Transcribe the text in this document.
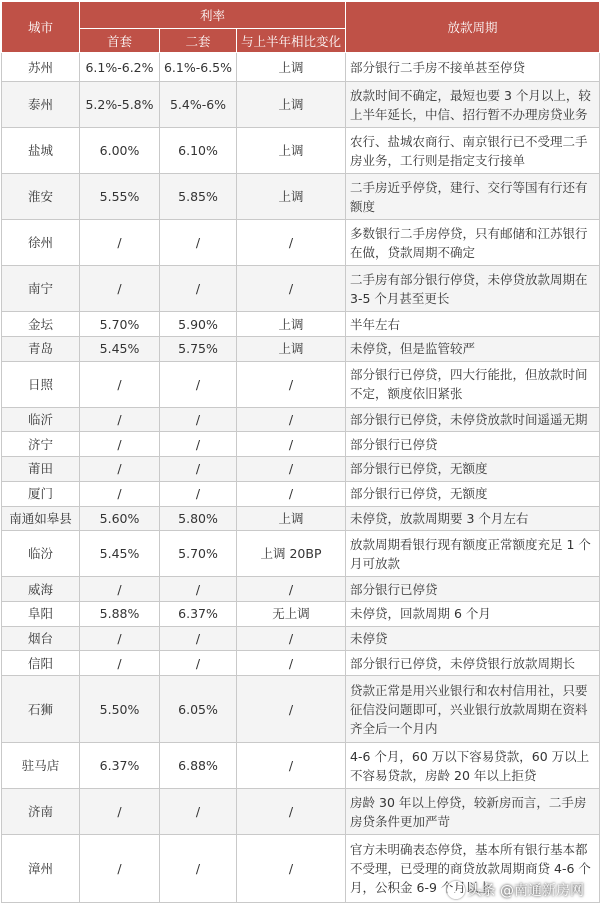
城市	利率			放款周期
	首套	二套	与上半年相比变化	
苏州	6.1%-6.2%	6.1%-6.5%	上调	部分银行二手房不接单甚至停贷
泰州	5.2%-5.8%	5.4%-6%	上调	放款时间不确定，最短也要 3 个月以上，较上半年延长，中信、招行暂不办理房贷业务
盐城	6.00%	6.10%	上调	农行、盐城农商行、南京银行已不受理二手房业务，工行则是指定支行接单
淮安	5.55%	5.85%	上调	二手房近乎停贷，建行、交行等国有行还有额度
徐州	/	/	/	多数银行二手房停贷，只有邮储和江苏银行在做，贷款周期不确定
南宁	/	/	/	二手房有部分银行停贷，未停贷放款周期在 3-5 个月甚至更长
金坛	5.70%	5.90%	上调	半年左右
青岛	5.45%	5.75%	上调	未停贷，但是监管较严
日照	/	/	/	部分银行已停贷，四大行能批，但放款时间不定，额度依旧紧张
临沂	/	/	/	部分银行已停贷，未停贷放款时间遥遥无期
济宁	/	/	/	部分银行已停贷
莆田	/	/	/	部分银行已停贷，无额度
厦门	/	/	/	部分银行已停贷，无额度
南通如皋县	5.60%	5.80%	上调	未停贷，放款周期要 3 个月左右
临汾	5.45%	5.70%	上调 20BP	放款周期看银行现有额度正常额度充足 1 个月可放款
威海	/	/	/	部分银行已停贷
阜阳	5.88%	6.37%	无上调	未停贷，回款周期 6 个月
烟台	/	/	/	未停贷
信阳	/	/	/	部分银行已停贷，未停贷银行放款周期长
石狮	5.50%	6.05%	/	贷款正常是用兴业银行和农村信用社，只要征信没问题即可，兴业银行放款周期在资料齐全后一个月内
驻马店	6.37%	6.88%	/	4-6 个月，60 万以下容易贷款，60 万以上不容易贷款，房龄 20 年以上拒贷
济南	/	/	/	房龄 30 年以上停贷，较新房而言，二手房房贷条件更加严苛
漳州	/	/	/	官方未明确表态停贷，基本所有银行基本都不受理，已受理的商贷放款周期商贷 4-6 个月，公积金 6-9 个月以上
头条 @南通新房网
